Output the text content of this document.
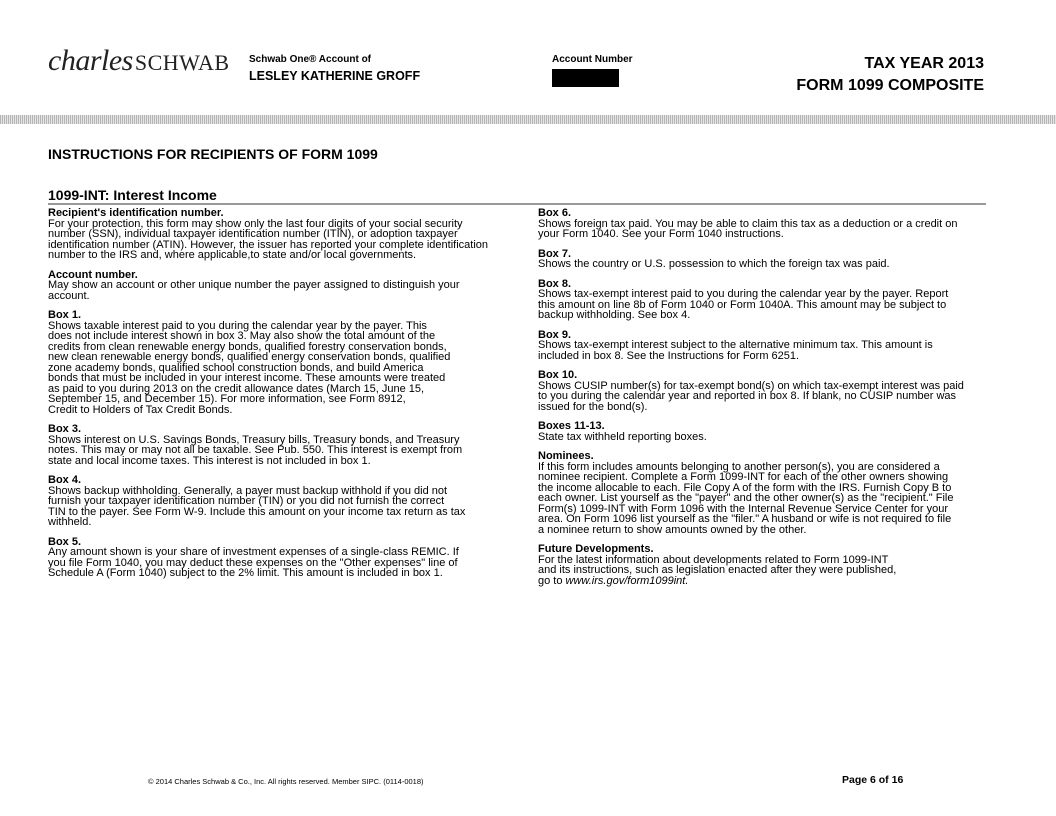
charlesSCHWAB Schwab One® Account of
LESLEY KATHERINE GROFF
Account Number	TAX YEAR 2013
FORM 1099 COMPOSITE
INSTRUCTIONS FOR RECIPIENTS OF FORM 1099
1099-INT: Interest Income
Recipient's identification number.
For your protection, this form may show only the last four digits of your social security
number (SSN), individual taxpayer identification number (ITIN), or adoption taxpayer
identification number (ATIN). However, the issuer has reported your complete identification
number to the IRS and, where applicable,to state and/or local governments.
Account number.
May show an account or other unique number the payer assigned to distinguish your
account.
Box 1.
Shows taxable interest paid to you during the calendar year by the payer. This
does not include interest shown in box 3. May also show the total amount of the
credits from clean renewable energy bonds, qualified forestry conservation bonds,
new clean renewable energy bonds, qualified energy conservation bonds, qualified
zone academy bonds, qualified school construction bonds, and build America
bonds that must be included in your interest income. These amounts were treated
as paid to you during 2013 on the credit allowance dates (March 15, June 15,
September 15, and December 15). For more information, see Form 8912,
Credit to Holders of Tax Credit Bonds.
Box 3.
Shows interest on U.S. Savings Bonds, Treasury bills, Treasury bonds, and Treasury
notes. This may or may not all be taxable. See Pub. 550. This interest is exempt from
state and local income taxes. This interest is not included in box 1.
Box 4.
Shows backup withholding. Generally, a payer must backup withhold if you did not
furnish your taxpayer identification number (TIN) or you did not furnish the correct
TIN to the payer. See Form W-9. Include this amount on your income tax return as tax
withheld.
Box 5.
Any amount shown is your share of investment expenses of a single-class REMIC. If
you file Form 1040, you may deduct these expenses on the "Other expenses" line of
Schedule A (Form 1040) subject to the 2% limit. This amount is included in box 1.
Box 6.
Shows foreign tax paid. You may be able to claim this tax as a deduction or a credit on
your Form 1040. See your Form 1040 instructions.
Box 7.
Shows the country or U.S. possession to which the foreign tax was paid.
Box 8.
Shows tax-exempt interest paid to you during the calendar year by the payer. Report
this amount on line 8b of Form 1040 or Form 1040A. This amount may be subject to
backup withholding. See box 4.
Box 9.
Shows tax-exempt interest subject to the alternative minimum tax. This amount is
included in box 8. See the Instructions for Form 6251.
Box 10.
Shows CUSIP number(s) for tax-exempt bond(s) on which tax-exempt interest was paid
to you during the calendar year and reported in box 8. If blank, no CUSIP number was
issued for the bond(s).
Boxes 11-13.
State tax withheld reporting boxes.
Nominees.
If this form includes amounts belonging to another person(s), you are considered a
nominee recipient. Complete a Form 1099-INT for each of the other owners showing
the income allocable to each. File Copy A of the form with the IRS. Furnish Copy B to
each owner. List yourself as the "payer" and the other owner(s) as the "recipient." File
Form(s) 1099-INT with Form 1096 with the Internal Revenue Service Center for your
area. On Form 1096 list yourself as the "filer." A husband or wife is not required to file
a nominee return to show amounts owned by the other.
Future Developments.
For the latest information about developments related to Form 1099-INT
and its instructions, such as legislation enacted after they were published,
go to www.irs.gov/form1099int.
© 2014 Charles Schwab & Co., Inc. All rights reserved. Member SIPC. (0114-0018)	Page 6 of 16
